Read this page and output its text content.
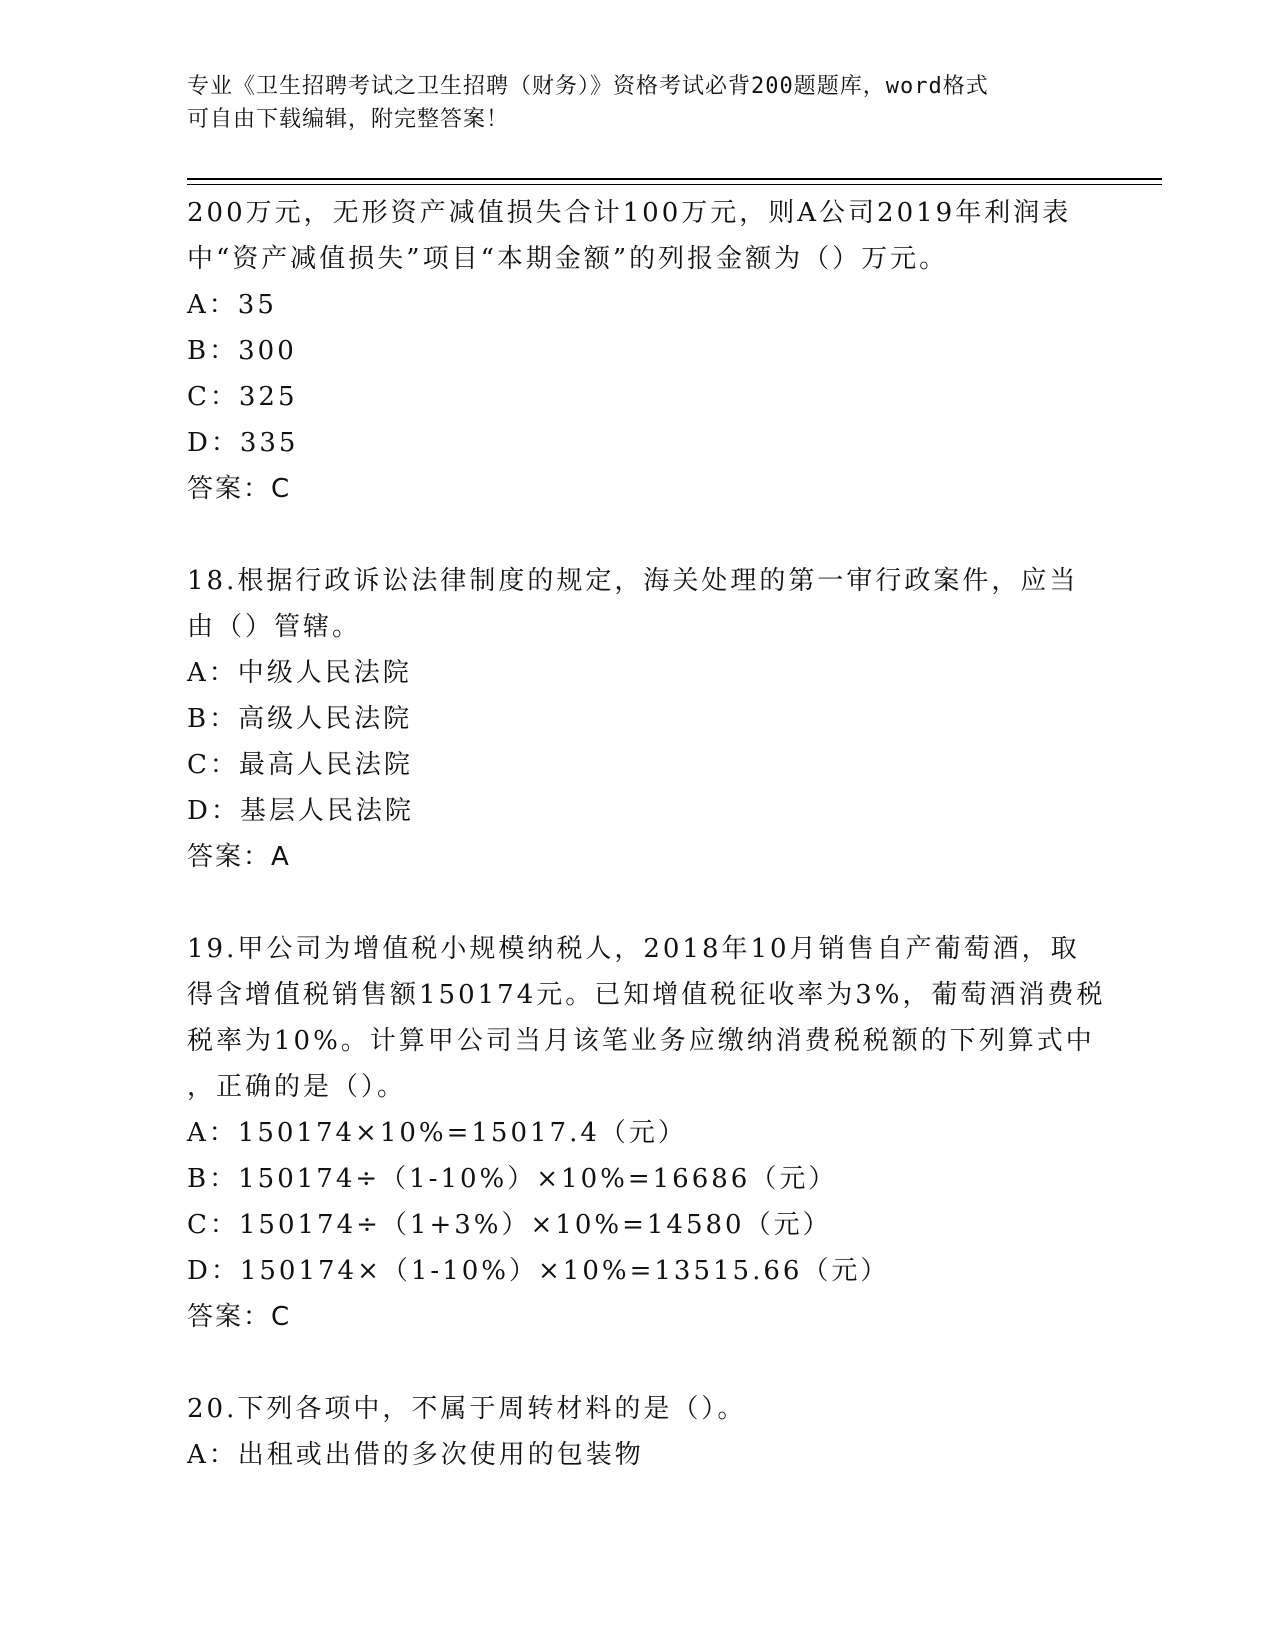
专业《卫生招聘考试之卫生招聘（财务）》资格考试必背200题题库，word格式
可自由下载编辑，附完整答案！
200万元，无形资产减值损失合计100万元，则A公司2019年利润表
中“资产减值损失”项目“本期金额”的列报金额为（）万元。
A：35
B：300
C：325
D：335
答案：C
18.根据行政诉讼法律制度的规定，海关处理的第一审行政案件，应当
由（）管辖。
A：中级人民法院
B：高级人民法院
C：最高人民法院
D：基层人民法院
答案：A
19.甲公司为增值税小规模纳税人，2018年10月销售自产葡萄酒，取
得含增值税销售额150174元。已知增值税征收率为3%，葡萄酒消费税
税率为10%。计算甲公司当月该笔业务应缴纳消费税税额的下列算式中
，正确的是（）。
A：150174×10%=15017.4（元）
B：150174÷（1-10%）×10%=16686（元）
C：150174÷（1+3%）×10%=14580（元）
D：150174×（1-10%）×10%=13515.66（元）
答案：C
20.下列各项中，不属于周转材料的是（）。
A：出租或出借的多次使用的包装物
